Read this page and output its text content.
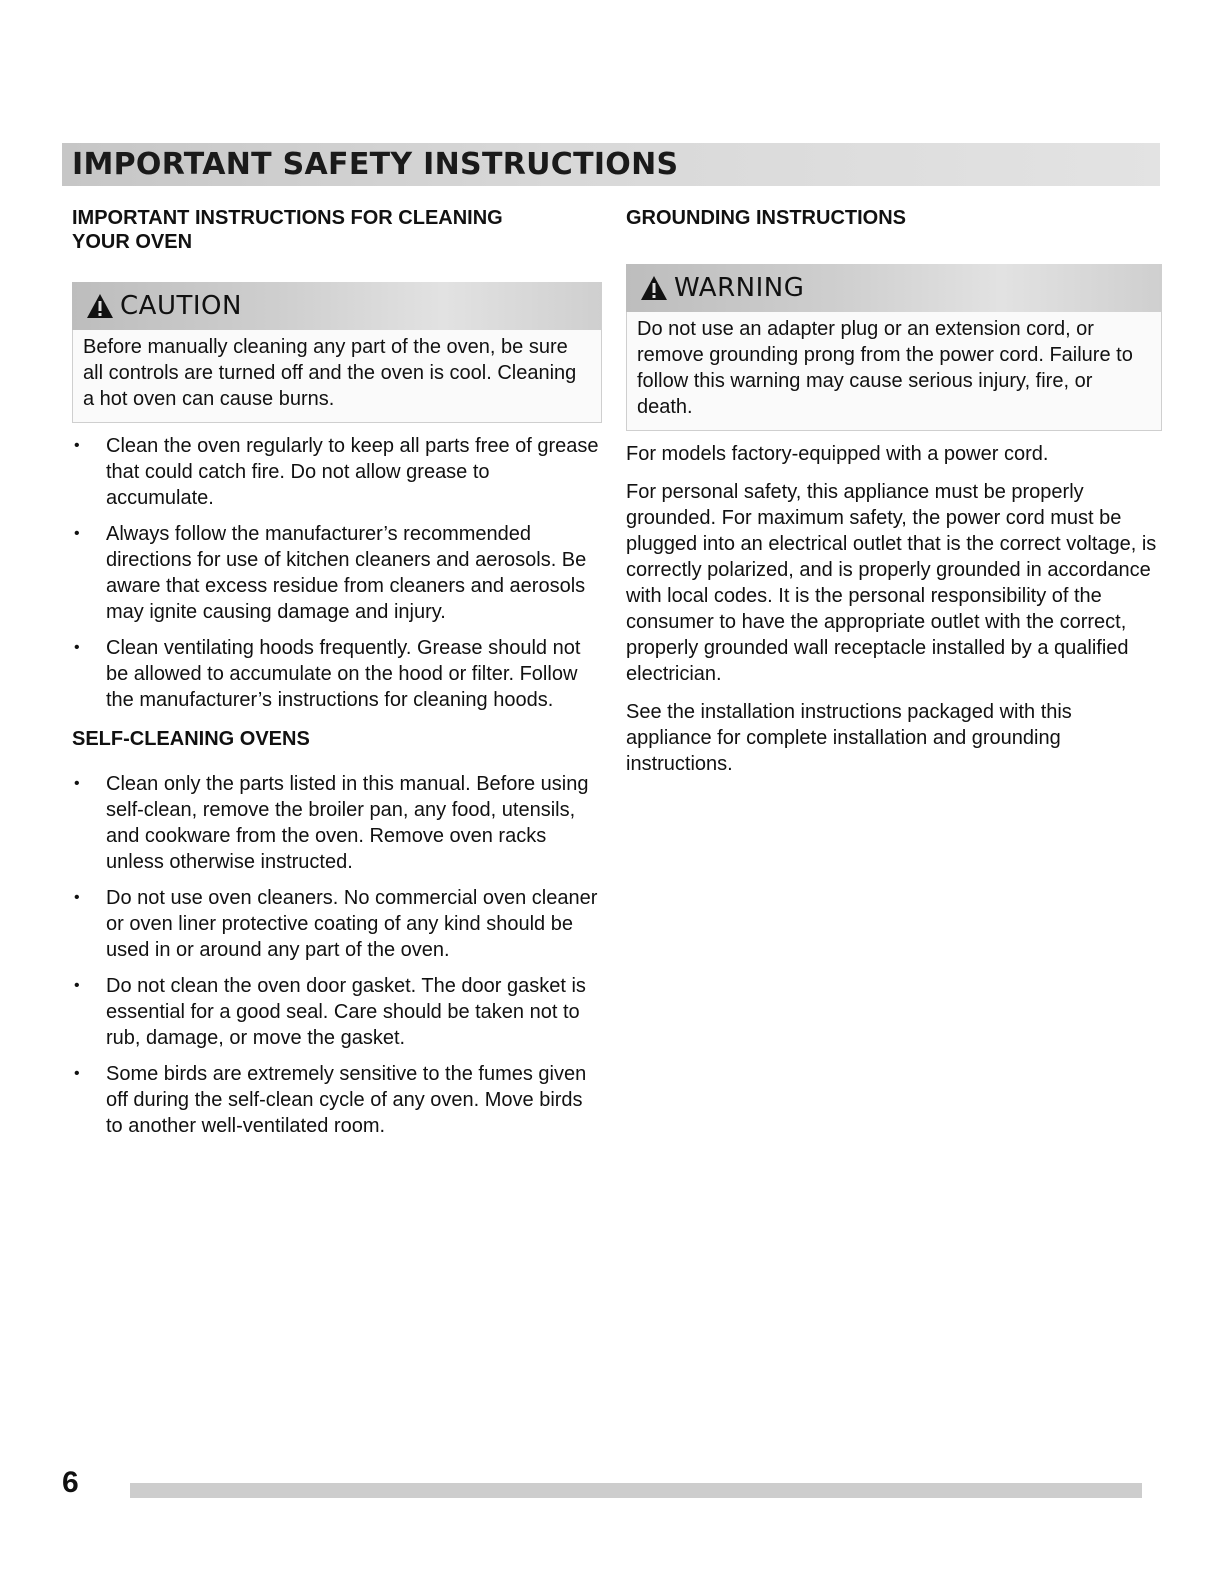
IMPORTANT SAFETY INSTRUCTIONS
IMPORTANT INSTRUCTIONS FOR CLEANING YOUR OVEN
CAUTION
Before manually cleaning any part of the oven, be sure all controls are turned off and the oven is cool. Cleaning a hot oven can cause burns.
• Clean the oven regularly to keep all parts free of grease that could catch fire. Do not allow grease to accumulate.
• Always follow the manufacturer’s recommended directions for use of kitchen cleaners and aerosols. Be aware that excess residue from cleaners and aerosols may ignite causing damage and injury.
• Clean ventilating hoods frequently. Grease should not be allowed to accumulate on the hood or filter. Follow the manufacturer’s instructions for cleaning hoods.
SELF-CLEANING OVENS
• Clean only the parts listed in this manual. Before using self-clean, remove the broiler pan, any food, utensils, and cookware from the oven. Remove oven racks unless otherwise instructed.
• Do not use oven cleaners. No commercial oven cleaner or oven liner protective coating of any kind should be used in or around any part of the oven.
• Do not clean the oven door gasket. The door gasket is essential for a good seal. Care should be taken not to rub, damage, or move the gasket.
• Some birds are extremely sensitive to the fumes given off during the self-clean cycle of any oven. Move birds to another well-ventilated room.
GROUNDING INSTRUCTIONS
WARNING
Do not use an adapter plug or an extension cord, or remove grounding prong from the power cord. Failure to follow this warning may cause serious injury, fire, or death.

For models factory-equipped with a power cord.

For personal safety, this appliance must be properly grounded. For maximum safety, the power cord must be plugged into an electrical outlet that is the correct voltage, is correctly polarized, and is properly grounded in accordance with local codes. It is the personal responsibility of the consumer to have the appropriate outlet with the correct, properly grounded wall receptacle installed by a qualified electrician.

See the installation instructions packaged with this appliance for complete installation and grounding instructions.

6
